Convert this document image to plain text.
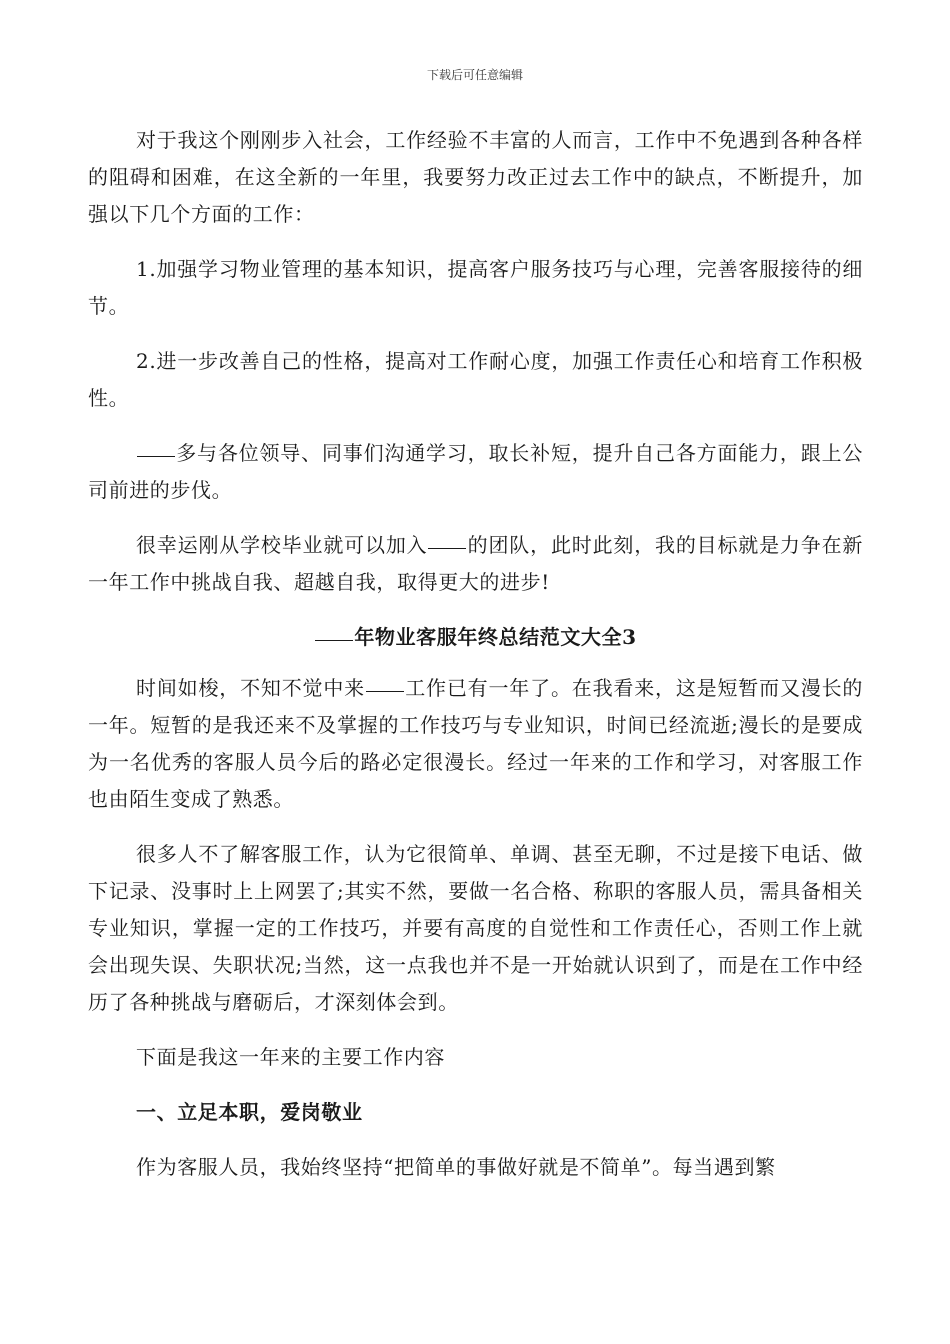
下载后可任意编辑

对于我这个刚刚步入社会，工作经验不丰富的人而言，工作中不免遇到各种各样的阻碍和困难，在这全新的一年里，我要努力改正过去工作中的缺点，不断提升，加强以下几个方面的工作：

1.加强学习物业管理的基本知识，提高客户服务技巧与心理，完善客服接待的细节。

2.进一步改善自己的性格，提高对工作耐心度，加强工作责任心和培育工作积极性。

多与各位领导、同事们沟通学习，取长补短，提升自己各方面能力，跟上公司前进的步伐。

很幸运刚从学校毕业就可以加入 的团队，此时此刻，我的目标就是力争在新一年工作中挑战自我、超越自我，取得更大的进步!

年物业客服年终总结范文大全3

时间如梭，不知不觉中来 工作已有一年了。在我看来，这是短暂而又漫长的一年。短暂的是我还来不及掌握的工作技巧与专业知识，时间已经流逝;漫长的是要成为一名优秀的客服人员今后的路必定很漫长。经过一年来的工作和学习，对客服工作也由陌生变成了熟悉。

很多人不了解客服工作，认为它很简单、单调、甚至无聊，不过是接下电话、做下记录、没事时上上网罢了;其实不然，要做一名合格、称职的客服人员，需具备相关专业知识，掌握一定的工作技巧，并要有高度的自觉性和工作责任心，否则工作上就会出现失误、失职状况;当然，这一点我也并不是一开始就认识到了，而是在工作中经历了各种挑战与磨砺后，才深刻体会到。

下面是我这一年来的主要工作内容

一、立足本职，爱岗敬业

作为客服人员，我始终坚持“把简单的事做好就是不简单”。每当遇到繁
